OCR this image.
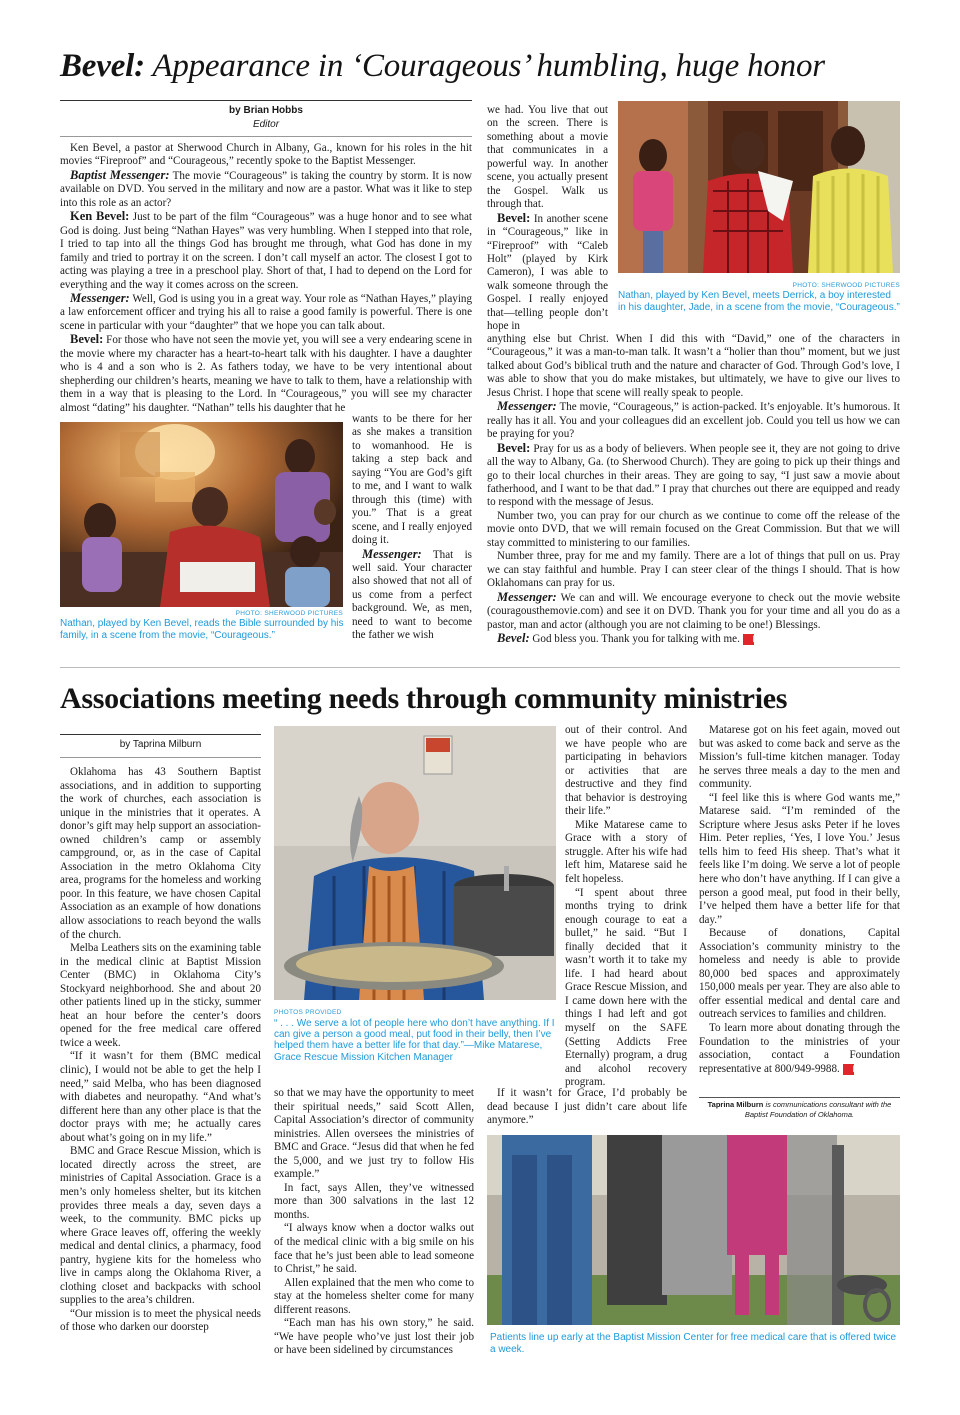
Bevel: Appearance in ‘Courageous’ humbling, huge honor
by Brian Hobbs
Editor

Ken Bevel, a pastor at Sherwood Church in Albany, Ga., known for his roles in the hit movies “Fireproof” and “Courageous,” recently spoke to the Baptist Messenger.

Baptist Messenger: The movie “Courageous” is taking the country by storm. It is now available on DVD. You served in the military and now are a pastor. What was it like to step into this role as an actor?

Ken Bevel: Just to be part of the film “Courageous” was a huge honor and to see what God is doing. Just being “Nathan Hayes” was very humbling. When I stepped into that role, I tried to tap into all the things God has brought me through, what God has done in my family and tried to portray it on the screen. I don’t call myself an actor. The closest I got to acting was playing a tree in a preschool play. Short of that, I had to depend on the Lord for everything and the way it comes across on the screen.

Messenger: Well, God is using you in a great way. Your role as “Nathan Hayes,” playing a law enforcement officer and trying his all to raise a good family is powerful. There is one scene in particular with your “daughter” that we hope you can talk about.

Bevel: For those who have not seen the movie yet, you will see a very endearing scene in the movie where my character has a heart-to-heart talk with his daughter. I have a daughter who is 4 and a son who is 2. As fathers today, we have to be very intentional about shepherding our children’s hearts, meaning we have to talk to them, have a relationship with them in a way that is pleasing to the Lord. In “Courageous,” you will see my character almost “dating” his daughter. “Nathan” tells his daughter that he

PHOTO: SHERWOOD PICTURES
Nathan, played by Ken Bevel, reads the Bible surrounded by his family, in a scene from the movie, “Courageous.”

wants to be there for her as she makes a transition to womanhood. He is taking a step back and saying “You are God’s gift to me, and I want to walk through this (time) with you.” That is a great scene, and I really enjoyed doing it.

Messenger: That is well said. Your character also showed that not all of us come from a perfect background. We, as men, need to want to become the father we wish

we had. You live that out on the screen. There is something about a movie that communicates in a powerful way. In another scene, you actually present the Gospel. Walk us through that.

Bevel: In another scene in “Courageous,” like in “Fireproof” with “Caleb Holt” (played by Kirk Cameron), I was able to walk someone through the Gospel. I really enjoyed that—telling people don’t hope in

PHOTO: SHERWOOD PICTURES
Nathan, played by Ken Bevel, meets Derrick, a boy interested in his daughter, Jade, in a scene from the movie, “Courageous.”

anything else but Christ. When I did this with “David,” one of the characters in “Courageous,” it was a man-to-man talk. It wasn’t a “holier than thou” moment, but we just talked about God’s biblical truth and the nature and character of God. Through God’s love, I was able to show that you do make mistakes, but ultimately, we have to give our lives to Jesus Christ. I hope that scene will really speak to people.

Messenger: The movie, “Courageous,” is action-packed. It’s enjoyable. It’s humorous. It really has it all. You and your colleagues did an excellent job. Could you tell us how we can be praying for you?

Bevel: Pray for us as a body of believers. When people see it, they are not going to drive all the way to Albany, Ga. (to Sherwood Church). They are going to pick up their things and go to their local churches in their areas. They are going to say, “I just saw a movie about fatherhood, and I want to be that dad.” I pray that churches out there are equipped and ready to respond with the message of Jesus.

Number two, you can pray for our church as we continue to come off the release of the movie onto DVD, that we will remain focused on the Great Commission. But that we will stay committed to ministering to our families.

Number three, pray for me and my family. There are a lot of things that pull on us. Pray we can stay faithful and humble. Pray I can steer clear of the things I should. That is how Oklahomans can pray for us.

Messenger: We can and will. We encourage everyone to check out the movie website (couragousthemovie.com) and see it on DVD. Thank you for your time and all you do as a pastor, man and actor (although you are not claiming to be one!) Blessings.

Bevel: God bless you. Thank you for talking with me. M

Associations meeting needs through community ministries
by Taprina Milburn

Oklahoma has 43 Southern Baptist associations, and in addition to supporting the work of churches, each association is unique in the ministries that it operates. A donor’s gift may help support an association-owned children’s camp or assembly campground, or, as in the case of Capital Association in the metro Oklahoma City area, programs for the homeless and working poor. In this feature, we have chosen Capital Association as an example of how donations allow associations to reach beyond the walls of the church.

Melba Leathers sits on the examining table in the medical clinic at Baptist Mission Center (BMC) in Oklahoma City’s Stockyard neighborhood. She and about 20 other patients lined up in the sticky, summer heat an hour before the center’s doors opened for the free medical care offered twice a week.

“If it wasn’t for them (BMC medical clinic), I would not be able to get the help I need,” said Melba, who has been diagnosed with diabetes and neuropathy. “And what’s different here than any other place is that the doctor prays with me; he actually cares about what’s going on in my life.”

BMC and Grace Rescue Mission, which is located directly across the street, are ministries of Capital Association. Grace is a men’s only homeless shelter, but its kitchen provides three meals a day, seven days a week, to the community. BMC picks up where Grace leaves off, offering the weekly medical and dental clinics, a pharmacy, food pantry, hygiene kits for the homeless who live in camps along the Oklahoma River, a clothing closet and backpacks with school supplies to the area’s children.

“Our mission is to meet the physical needs of those who darken our doorstep

PHOTOS PROVIDED
“ . . . We serve a lot of people here who don’t have anything. If I can give a person a good meal, put food in their belly, then I’ve helped them have a better life for that day.”—Mike Matarese, Grace Rescue Mission Kitchen Manager

so that we may have the opportunity to meet their spiritual needs,” said Scott Allen, Capital Association’s director of community ministries. Allen oversees the ministries of BMC and Grace. “Jesus did that when he fed the 5,000, and we just try to follow His example.”

In fact, says Allen, they’ve witnessed more than 300 salvations in the last 12 months.

“I always know when a doctor walks out of the medical clinic with a big smile on his face that he’s just been able to lead someone to Christ,” he said.

Allen explained that the men who come to stay at the homeless shelter come for many different reasons.

“Each man has his own story,” he said. “We have people who’ve just lost their job or have been sidelined by circumstances

out of their control. And we have people who are participating in behaviors or activities that are destructive and they find that behavior is destroying their life.”

Mike Matarese came to Grace with a story of struggle. After his wife had left him, Matarese said he felt hopeless.

“I spent about three months trying to drink enough courage to eat a bullet,” he said. “But I finally decided that it wasn’t worth it to take my life. I had heard about Grace Rescue Mission, and I came down here with the things I had left and got myself on the SAFE (Setting Addicts Free Eternally) program, a drug and alcohol recovery program.

If it wasn’t for Grace, I’d probably be dead because I just didn’t care about life anymore.”

Matarese got on his feet again, moved out but was asked to come back and serve as the Mission’s full-time kitchen manager. Today he serves three meals a day to the men and community.

“I feel like this is where God wants me,” Matarese said. “I’m reminded of the Scripture where Jesus asks Peter if he loves Him. Peter replies, ‘Yes, I love You.’ Jesus tells him to feed His sheep. That’s what it feels like I’m doing. We serve a lot of people here who don’t have anything. If I can give a person a good meal, put food in their belly, I’ve helped them have a better life for that day.”

Because of donations, Capital Association’s community ministry to the homeless and needy is able to provide 80,000 bed spaces and approximately 150,000 meals per year. They are also able to offer essential medical and dental care and outreach services to families and children.

To learn more about donating through the Foundation to the ministries of your association, contact a Foundation representative at 800/949-9988. M

Taprina Milburn is communications consultant with the Baptist Foundation of Oklahoma.
Patients line up early at the Baptist Mission Center for free medical care that is offered twice a week.
